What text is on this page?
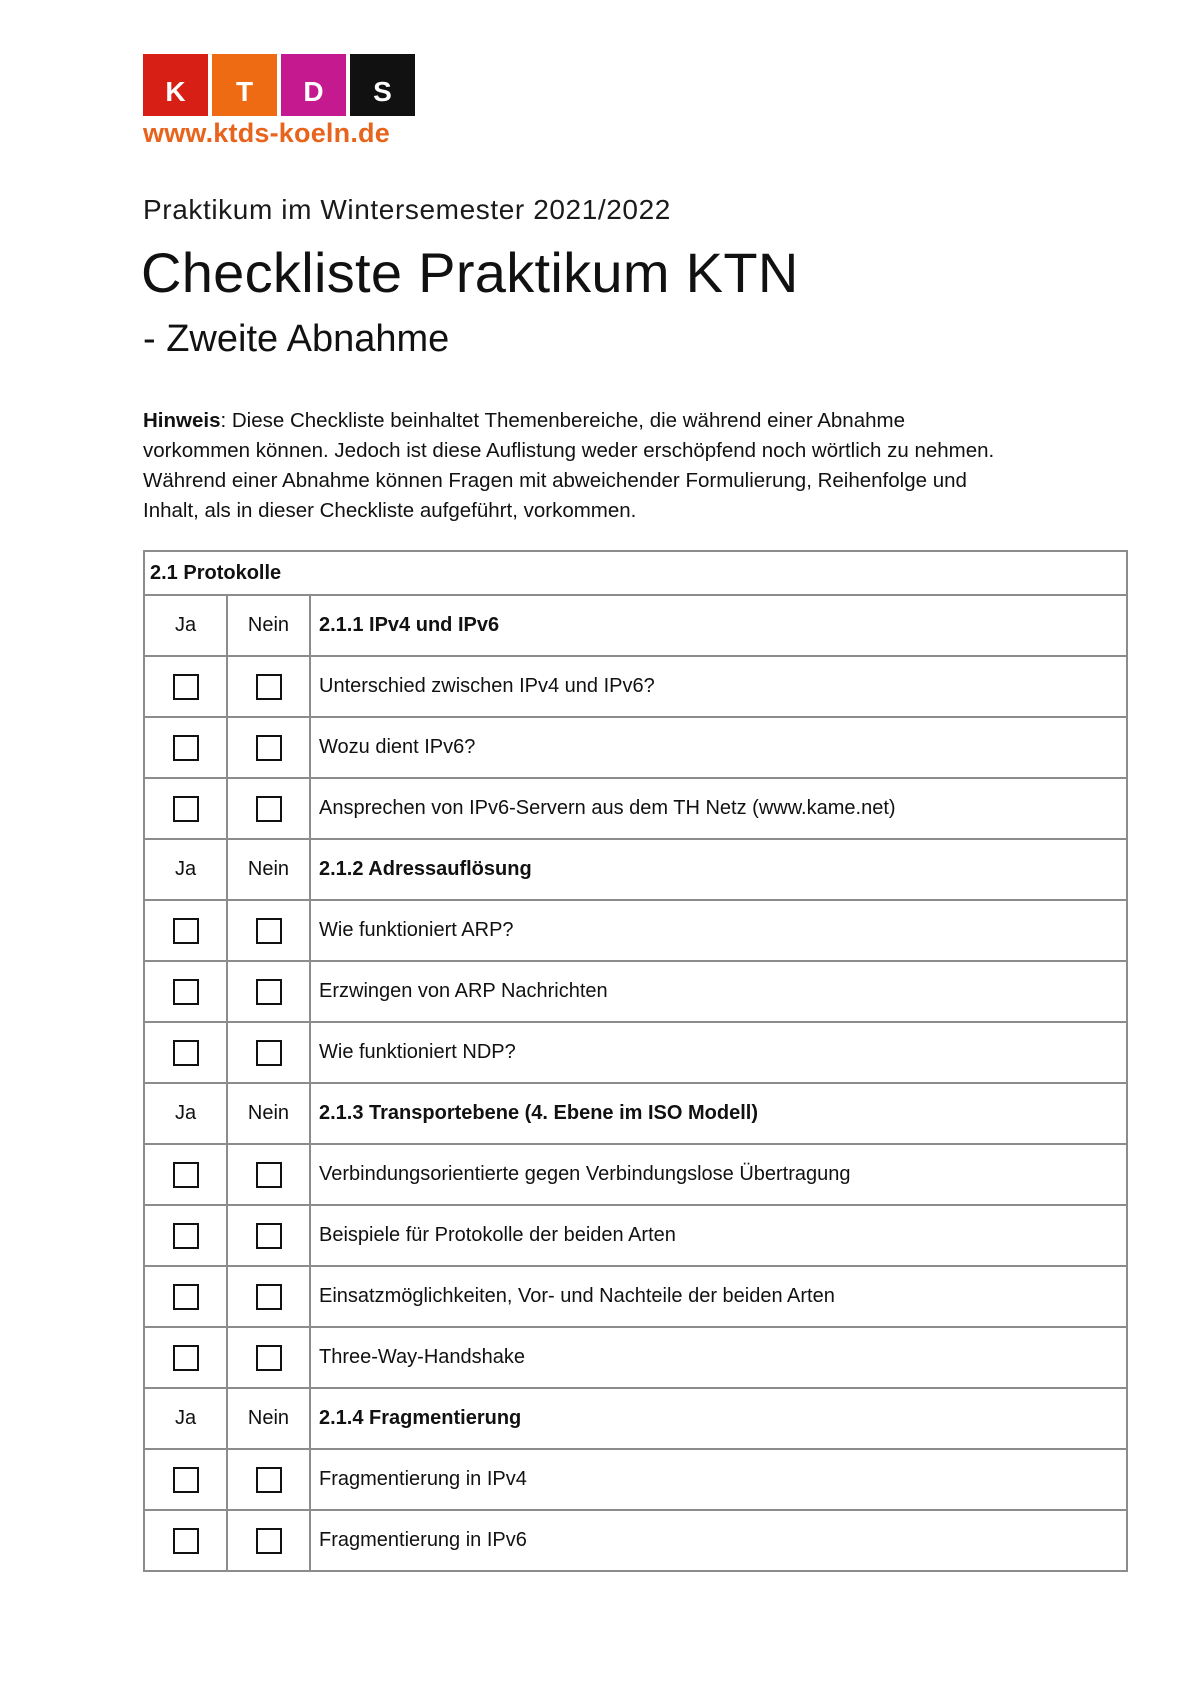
K	T	D	S
www.ktds-koeln.de
Praktikum im Wintersemester 2021/2022
Checkliste Praktikum KTN
- Zweite Abnahme
Hinweis: Diese Checkliste beinhaltet Themenbereiche, die während einer Abnahme vorkommen können. Jedoch ist diese Auflistung weder erschöpfend noch wörtlich zu nehmen. Während einer Abnahme können Fragen mit abweichender Formulierung, Reihenfolge und Inhalt, als in dieser Checkliste aufgeführt, vorkommen.
2.1 Protokolle
Ja	Nein	2.1.1 IPv4 und IPv6
Unterschied zwischen IPv4 und IPv6?
Wozu dient IPv6?
Ansprechen von IPv6-Servern aus dem TH Netz (www.kame.net)
Ja	Nein	2.1.2 Adressauflösung
Wie funktioniert ARP?
Erzwingen von ARP Nachrichten
Wie funktioniert NDP?
Ja	Nein	2.1.3 Transportebene (4. Ebene im ISO Modell)
Verbindungsorientierte gegen Verbindungslose Übertragung
Beispiele für Protokolle der beiden Arten
Einsatzmöglichkeiten, Vor- und Nachteile der beiden Arten
Three-Way-Handshake
Ja	Nein	2.1.4 Fragmentierung
Fragmentierung in IPv4
Fragmentierung in IPv6
